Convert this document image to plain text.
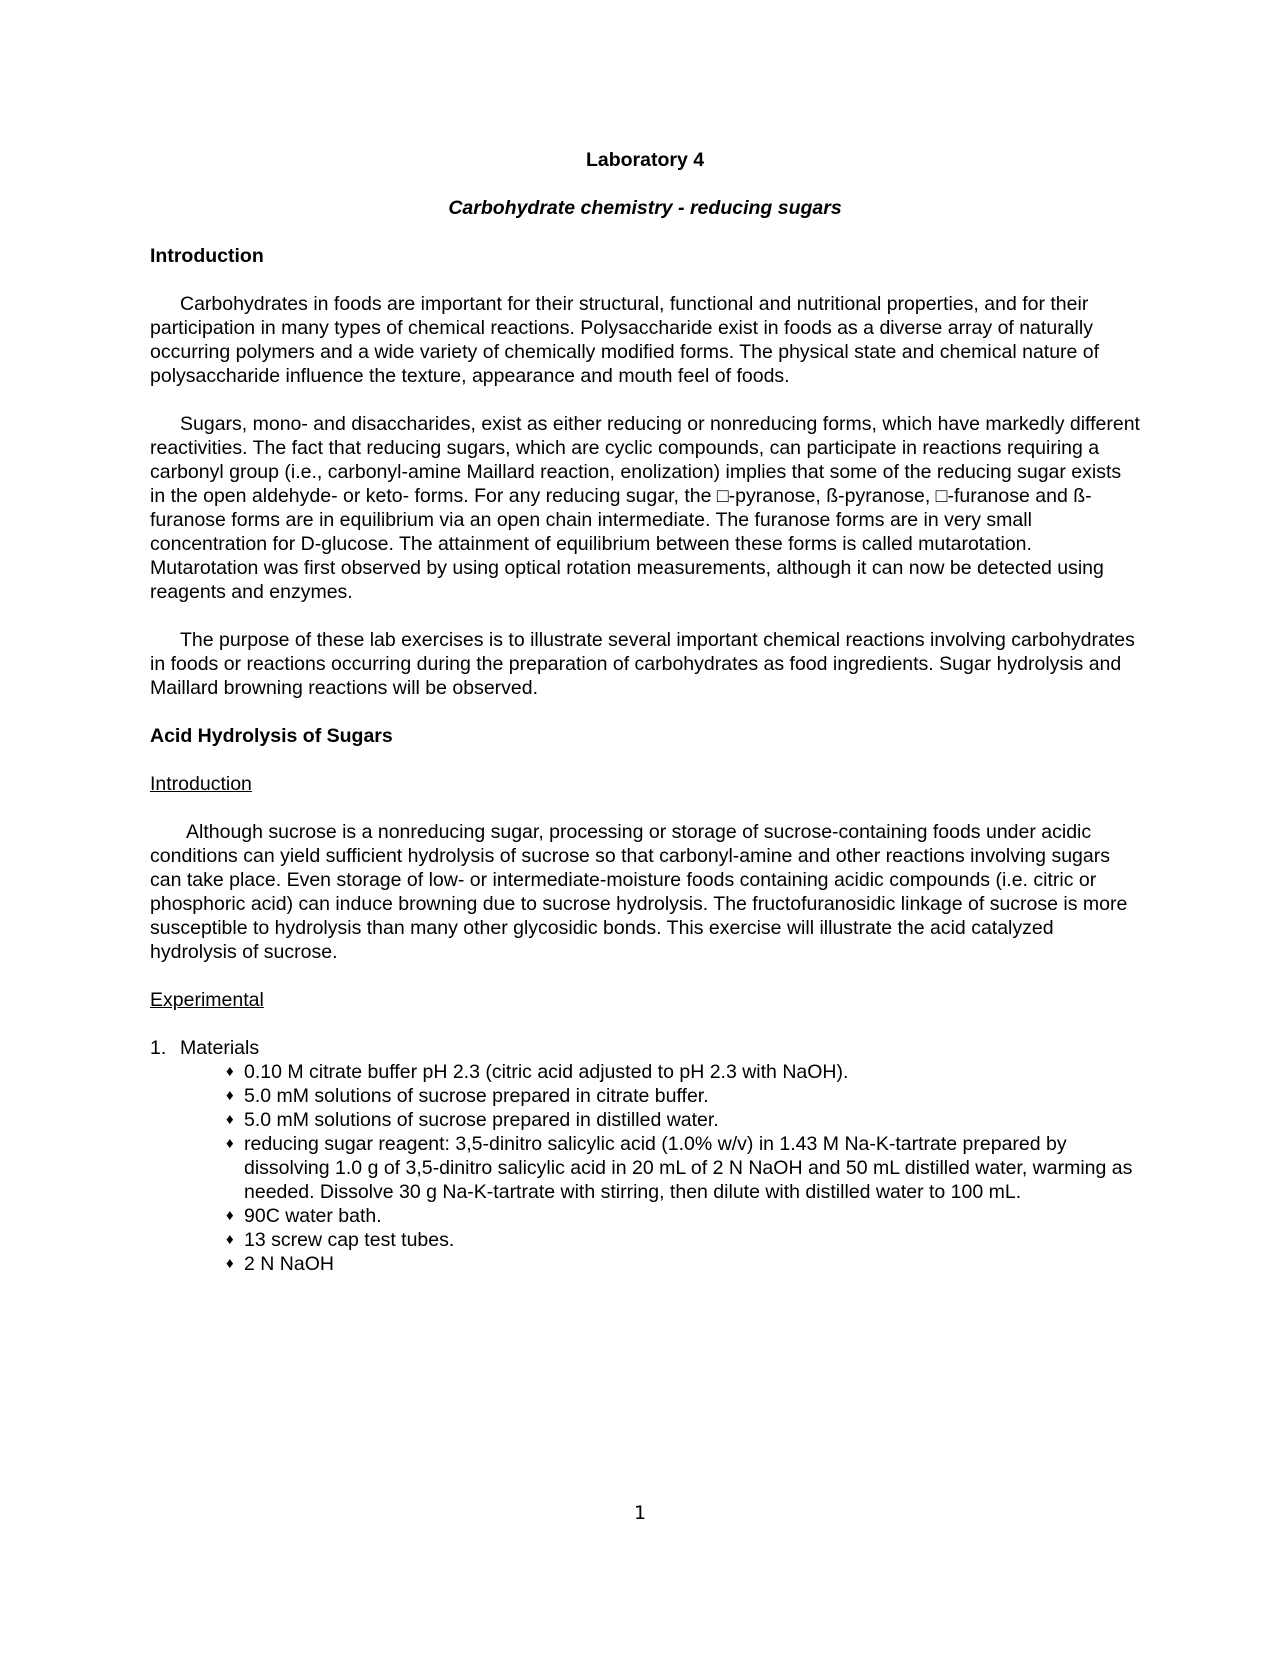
Laboratory 4
Carbohydrate chemistry - reducing sugars
Introduction

Carbohydrates in foods are important for their structural, functional and nutritional properties, and for their participation in many types of chemical reactions. Polysaccharide exist in foods as a diverse array of naturally occurring polymers and a wide variety of chemically modified forms. The physical state and chemical nature of polysaccharide influence the texture, appearance and mouth feel of foods.

Sugars, mono- and disaccharides, exist as either reducing or nonreducing forms, which have markedly different reactivities. The fact that reducing sugars, which are cyclic compounds, can participate in reactions requiring a carbonyl group (i.e., carbonyl-amine Maillard reaction, enolization) implies that some of the reducing sugar exists in the open aldehyde- or keto- forms. For any reducing sugar, the □-pyranose, ß-pyranose, □-furanose and ß-furanose forms are in equilibrium via an open chain intermediate. The furanose forms are in very small concentration for D-glucose. The attainment of equilibrium between these forms is called mutarotation. Mutarotation was first observed by using optical rotation measurements, although it can now be detected using reagents and enzymes.

The purpose of these lab exercises is to illustrate several important chemical reactions involving carbohydrates in foods or reactions occurring during the preparation of carbohydrates as food ingredients. Sugar hydrolysis and Maillard browning reactions will be observed.

Acid Hydrolysis of Sugars
Introduction

Although sucrose is a nonreducing sugar, processing or storage of sucrose-containing foods under acidic conditions can yield sufficient hydrolysis of sucrose so that carbonyl-amine and other reactions involving sugars can take place. Even storage of low- or intermediate-moisture foods containing acidic compounds (i.e. citric or phosphoric acid) can induce browning due to sucrose hydrolysis. The fructofuranosidic linkage of sucrose is more susceptible to hydrolysis than many other glycosidic bonds. This exercise will illustrate the acid catalyzed hydrolysis of sucrose.

Experimental
1. Materials
♦ 0.10 M citrate buffer pH 2.3 (citric acid adjusted to pH 2.3 with NaOH).
♦ 5.0 mM solutions of sucrose prepared in citrate buffer.
♦ 5.0 mM solutions of sucrose prepared in distilled water.
♦ reducing sugar reagent: 3,5-dinitro salicylic acid (1.0% w/v) in 1.43 M Na-K-tartrate prepared by dissolving 1.0 g of 3,5-dinitro salicylic acid in 20 mL of 2 N NaOH and 50 mL distilled water, warming as needed. Dissolve 30 g Na-K-tartrate with stirring, then dilute with distilled water to 100 mL.
♦ 90C water bath.
♦ 13 screw cap test tubes.
♦ 2 N NaOH
1
